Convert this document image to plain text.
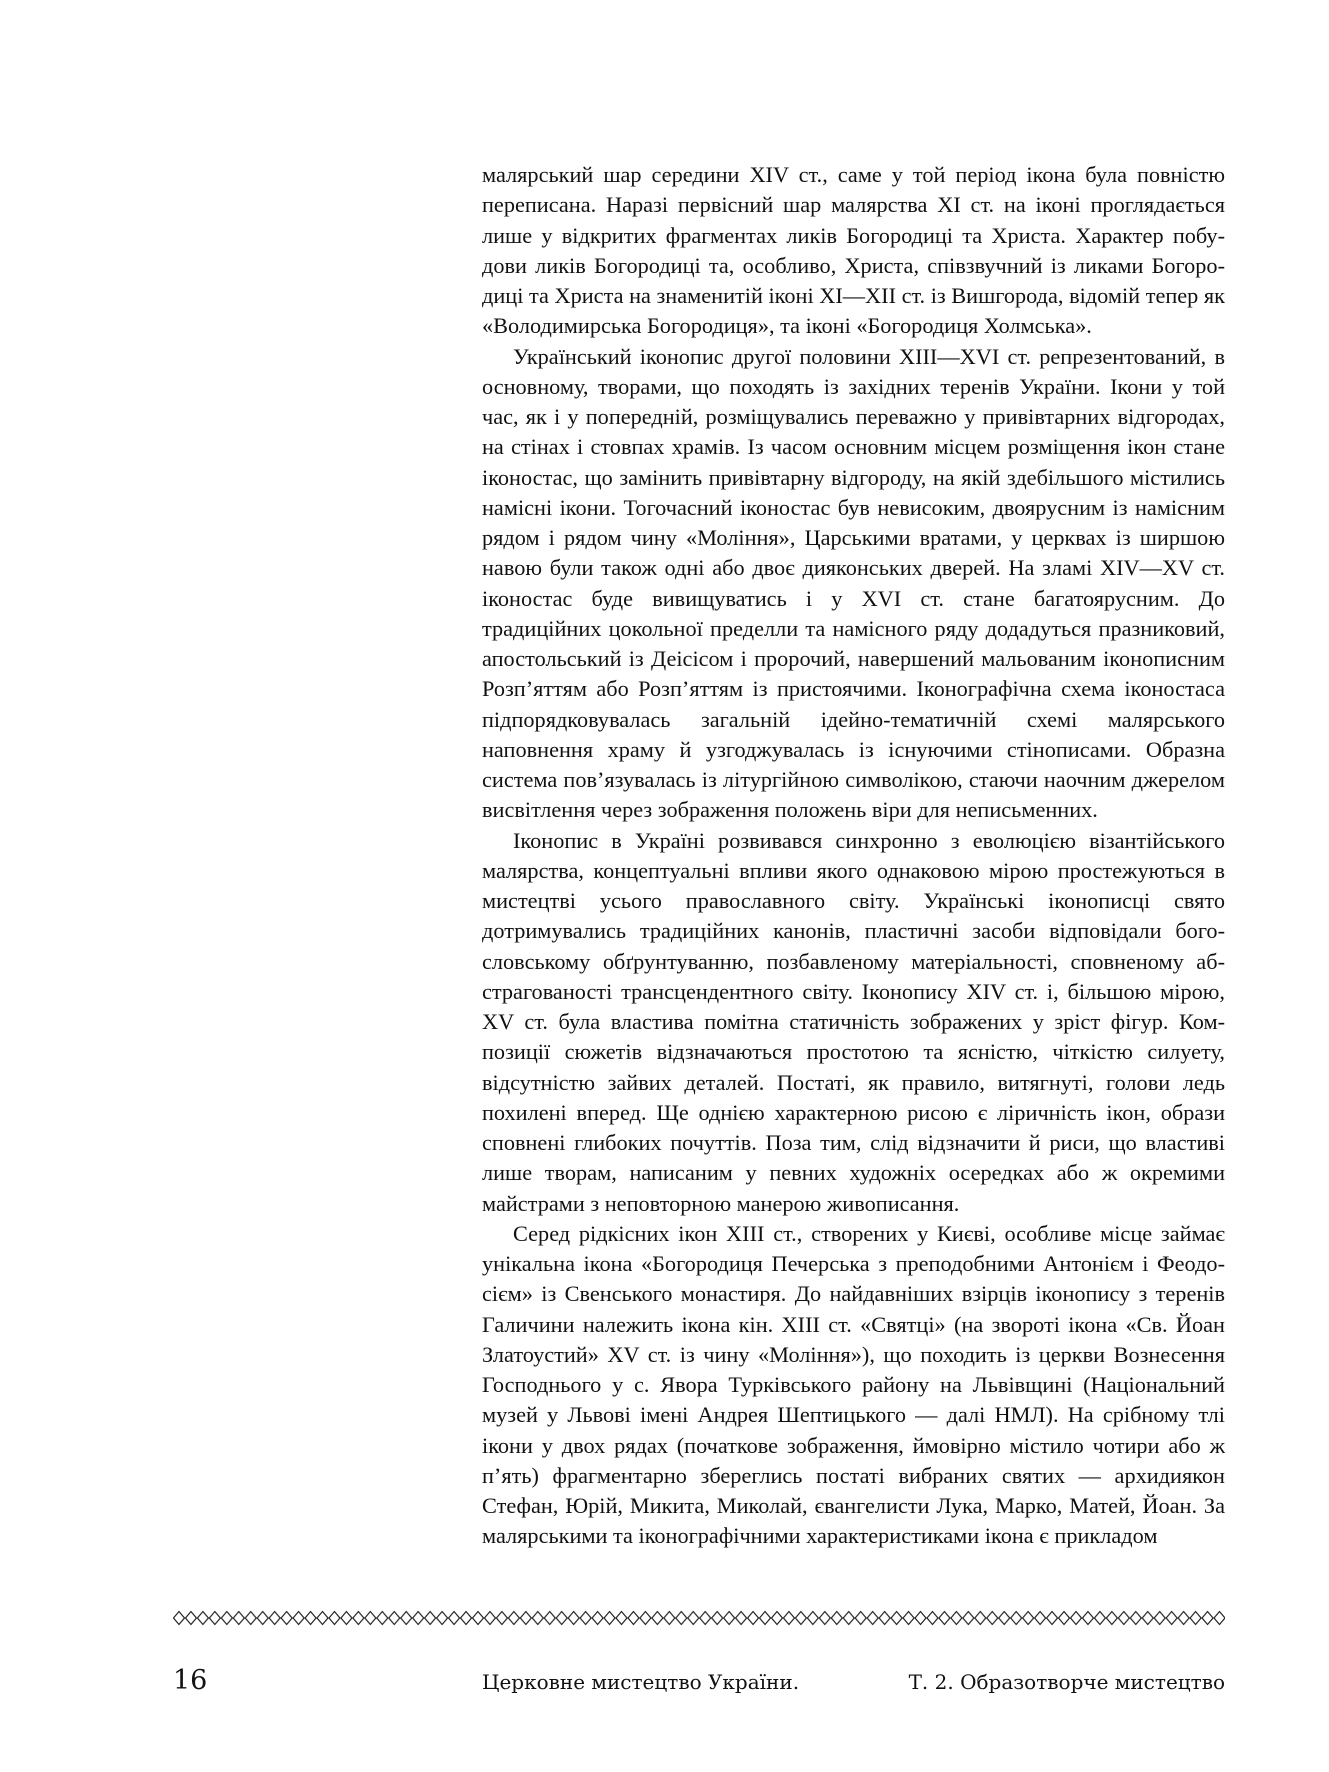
малярський шар середини XIV ст., саме у той період ікона була повністю переписана. Наразі первісний шар малярства XI ст. на іконі проглядається лише у відкритих фрагментах ликів Богородиці та Христа. Характер побудови ликів Богородиці та, особливо, Христа, співзвучний із ликами Богородиці та Христа на знаменитій іконі XI—XII ст. із Вишгорода, відомій тепер як «Володимирська Богородиця», та іконі «Богородиця Холмська».

Український іконопис другої половини XIII—XVI ст. репрезентований, в основному, творами, що походять із західних теренів України. Ікони у той час, як і у попередній, розміщувались переважно у привівтарних відгородах, на стінах і стовпах храмів. Із часом основним місцем розміщення ікон стане іконостас, що замінить привівтарну відгороду, на якій здебільшого містились намісні ікони. Тогочасний іконостас був невисоким, двоярусним із намісним рядом і рядом чину «Моління», Царськими вратами, у церквах із ширшою навою були також одні або двоє дияконських дверей. На зламі XIV—XV ст. іконостас буде вивищуватись і у XVI ст. стане багатоярусним. До традиційних цокольної пределли та намісного ряду додадуться празниковий, апостольський із Деісісом і пророчий, навершений мальованим іконописним Розп’яттям або Розп’яттям із пристоячими. Іконографічна схема іконостаса підпорядковувалась загальній ідейно-тематичній схемі малярського наповнення храму й узгоджувалась із існуючими стінописами. Образна система пов’язувалась із літургійною символікою, стаючи наочним джерелом висвітлення через зображення положень віри для неписьменних.

Іконопис в Україні розвивався синхронно з еволюцією візантійського малярства, концептуальні впливи якого однаковою мірою простежуються в мистецтві усього православного світу. Українські іконописці свято дотримувались традиційних канонів, пластичні засоби відповідали богословському обґрунтуванню, позбавленому матеріальності, сповненому абстрагованості трансцендентного світу. Іконопису XIV ст. і, більшою мірою, XV ст. була властива помітна статичність зображених у зріст фігур. Композиції сюжетів відзначаються простотою та ясністю, чіткістю силуету, відсутністю зайвих деталей. Постаті, як правило, витягнуті, голови ледь похилені вперед. Ще однією характерною рисою є ліричність ікон, образи сповнені глибоких почуттів. Поза тим, слід відзначити й риси, що властиві лише творам, написаним у певних художніх осередках або ж окремими майстрами з неповторною манерою живописання.

Серед рідкісних ікон XIII ст., створених у Києві, особливе місце займає унікальна ікона «Богородиця Печерська з преподобними Антонієм і Феодосієм» із Свенського монастиря. До найдавніших взірців іконопису з теренів Галичини належить ікона кін. XIII ст. «Святці» (на звороті ікона «Св. Йоан Златоустий» XV ст. із чину «Моління»), що походить із церкви Вознесення Господнього у с. Явора Турківського району на Львівщині (Національний музей у Львові імені Андрея Шептицького — далі НМЛ). На срібному тлі ікони у двох рядах (початкове зображення, ймовірно містило чотири або ж п’ять) фрагментарно збереглись постаті вибраних святих — архидиякон Стефан, Юрій, Микита, Миколай, євангелисти Лука, Марко, Матей, Йоан. За малярськими та іконографічними характеристиками ікона є прикладом

16	Церковне мистецтво України.	Т. 2. Образотворче мистецтво
